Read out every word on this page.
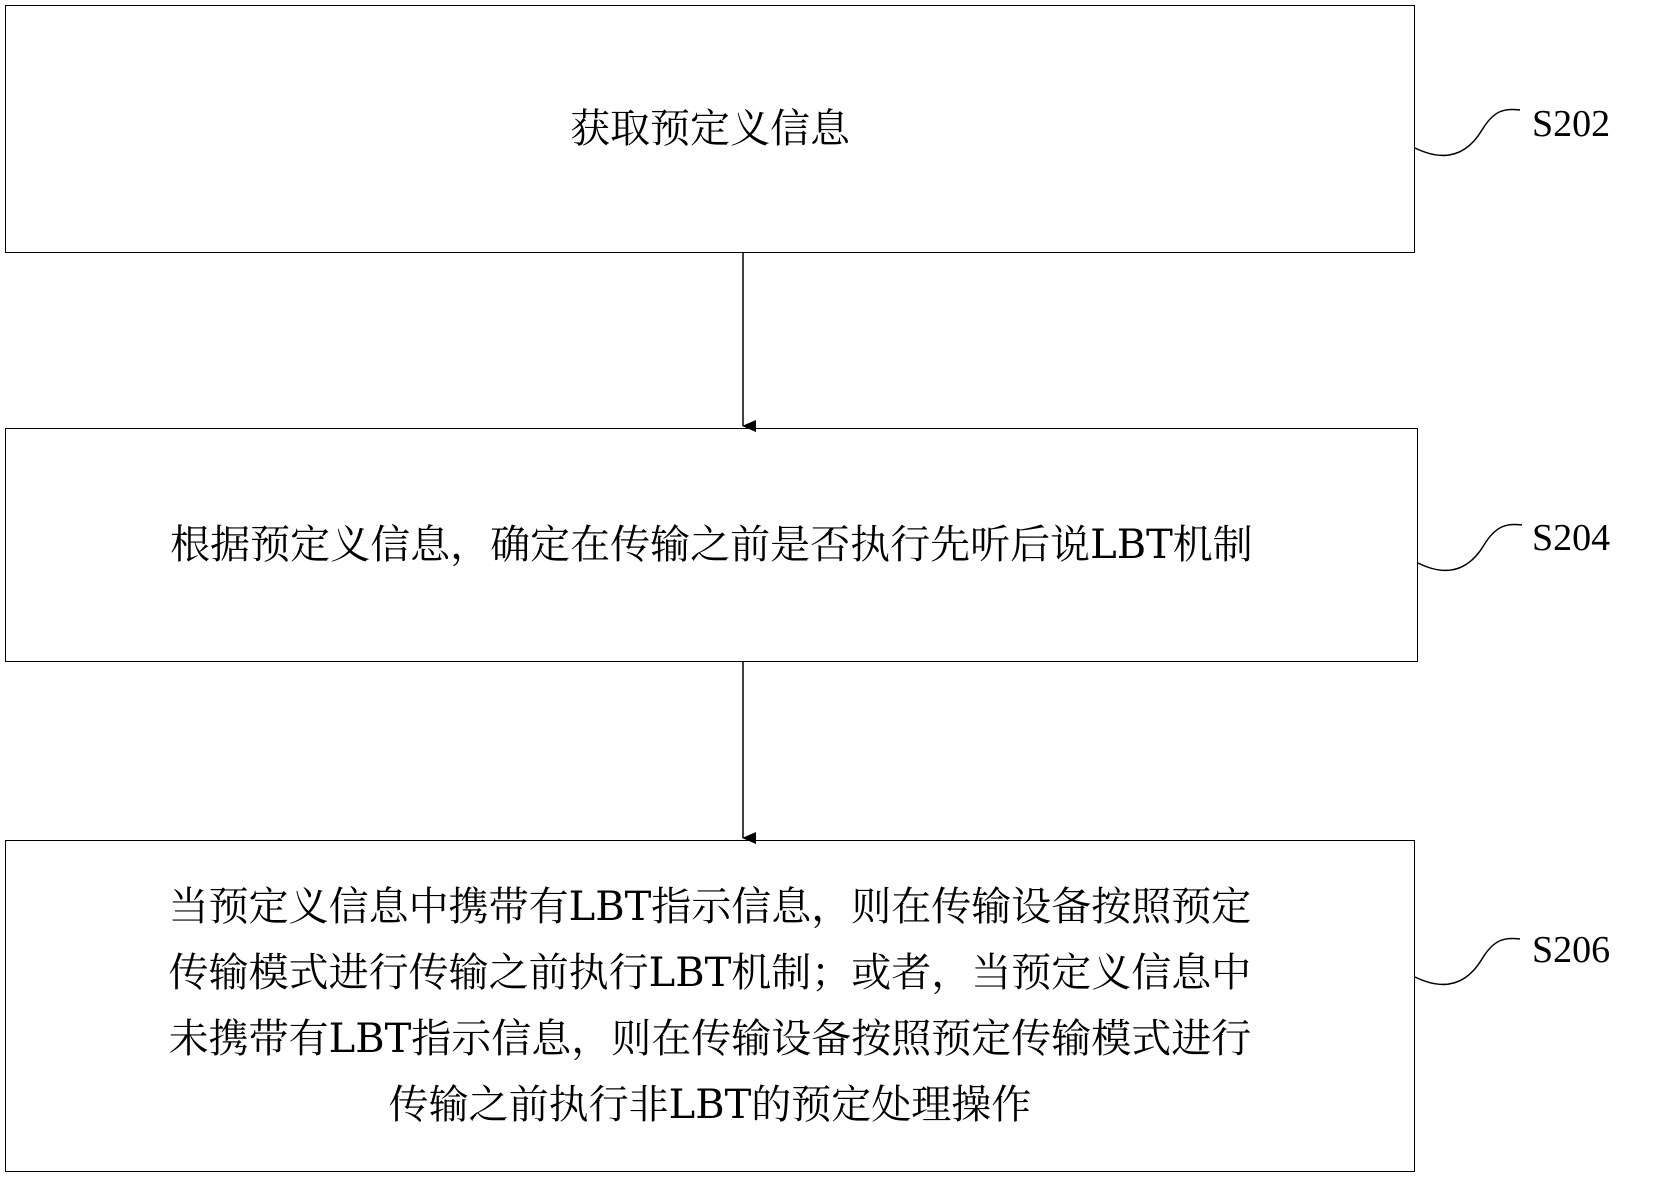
获取预定义信息
根据预定义信息，确定在传输之前是否执行先听后说LBT机制
当预定义信息中携带有LBT指示信息，则在传输设备按照预定
传输模式进行传输之前执行LBT机制；或者，当预定义信息中
未携带有LBT指示信息，则在传输设备按照预定传输模式进行
传输之前执行非LBT的预定处理操作
S202
S204
S206
